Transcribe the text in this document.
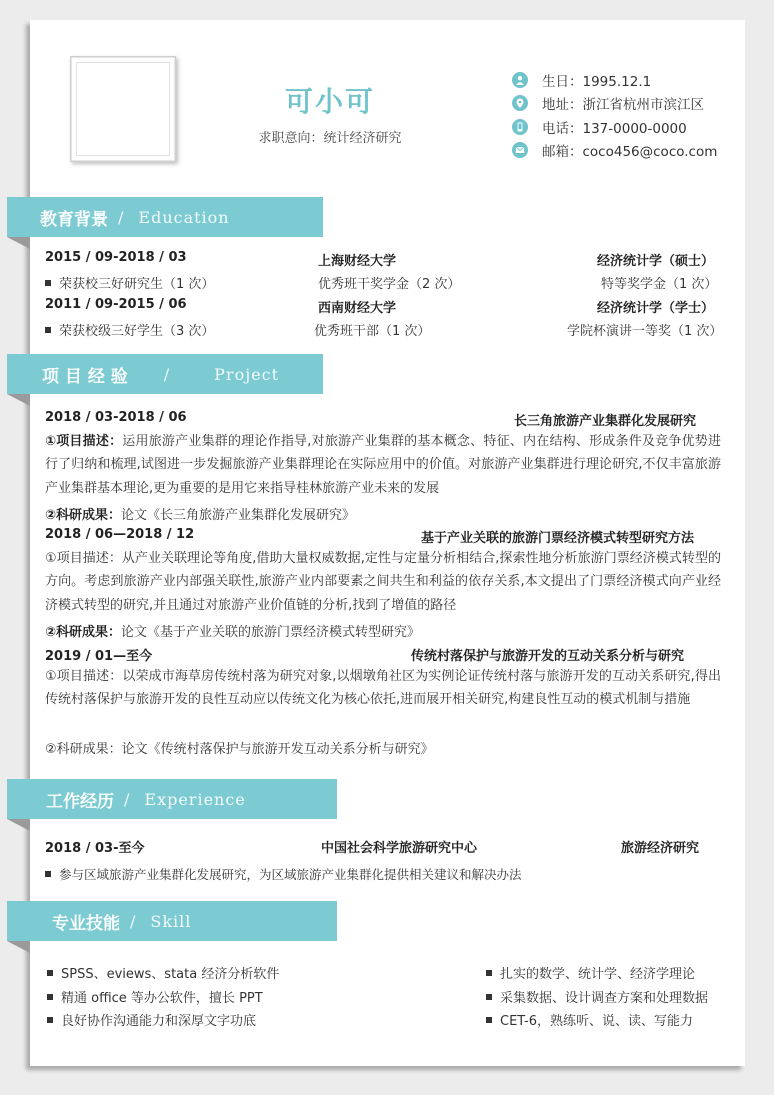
可小可
求职意向：统计经济研究
生日：1995.12.1
地址：浙江省杭州市滨江区
电话：137-0000-0000
邮箱：coco456@coco.com
教育背景 / Education
2015 / 09-2018 / 03	上海财经大学	经济统计学（硕士）
荣获校三好研究生（1 次）	优秀班干奖学金（2 次）	特等奖学金（1 次）
2011 / 09-2015 / 06	西南财经大学	经济统计学（学士）
荣获校级三好学生（3 次）	优秀班干部（1 次）	学院杯演讲一等奖（1 次）
项 目 经 验 /	Project
2018 / 03-2018 / 06	长三角旅游产业集群化发展研究
①项目描述：运用旅游产业集群的理论作指导,对旅游产业集群的基本概念、特征、内在结构、形成条件及竞争优势进行了归纳和梳理,试图进一步发掘旅游产业集群理论在实际应用中的价值。对旅游产业集群进行理论研究,不仅丰富旅游产业集群基本理论,更为重要的是用它来指导桂林旅游产业未来的发展
②科研成果：论文《长三角旅游产业集群化发展研究》
2018 / 06—2018 / 12	基于产业关联的旅游门票经济模式转型研究方法
①项目描述：从产业关联理论等角度,借助大量权威数据,定性与定量分析相结合,探索性地分析旅游门票经济模式转型的方向。考虑到旅游产业内部强关联性,旅游产业内部要素之间共生和利益的依存关系,本文提出了门票经济模式向产业经济模式转型的研究,并且通过对旅游产业价值链的分析,找到了增值的路径
②科研成果：论文《基于产业关联的旅游门票经济模式转型研究》
2019 / 01—至今	传统村落保护与旅游开发的互动关系分析与研究
①项目描述：以荣成市海草房传统村落为研究对象,以烟墩角社区为实例论证传统村落与旅游开发的互动关系研究,得出传统村落保护与旅游开发的良性互动应以传统文化为核心依托,进而展开相关研究,构建良性互动的模式机制与措施
②科研成果：论文《传统村落保护与旅游开发互动关系分析与研究》
工作经历 / Experience
2018 / 03-至今	中国社会科学旅游研究中心	旅游经济研究
参与区域旅游产业集群化发展研究，为区域旅游产业集群化提供相关建议和解决办法
专业技能 / Skill
SPSS、eviews、stata 经济分析软件
精通 office 等办公软件，擅长 PPT
良好协作沟通能力和深厚文字功底
扎实的数学、统计学、经济学理论
采集数据、设计调查方案和处理数据
CET-6，熟练听、说、读、写能力
